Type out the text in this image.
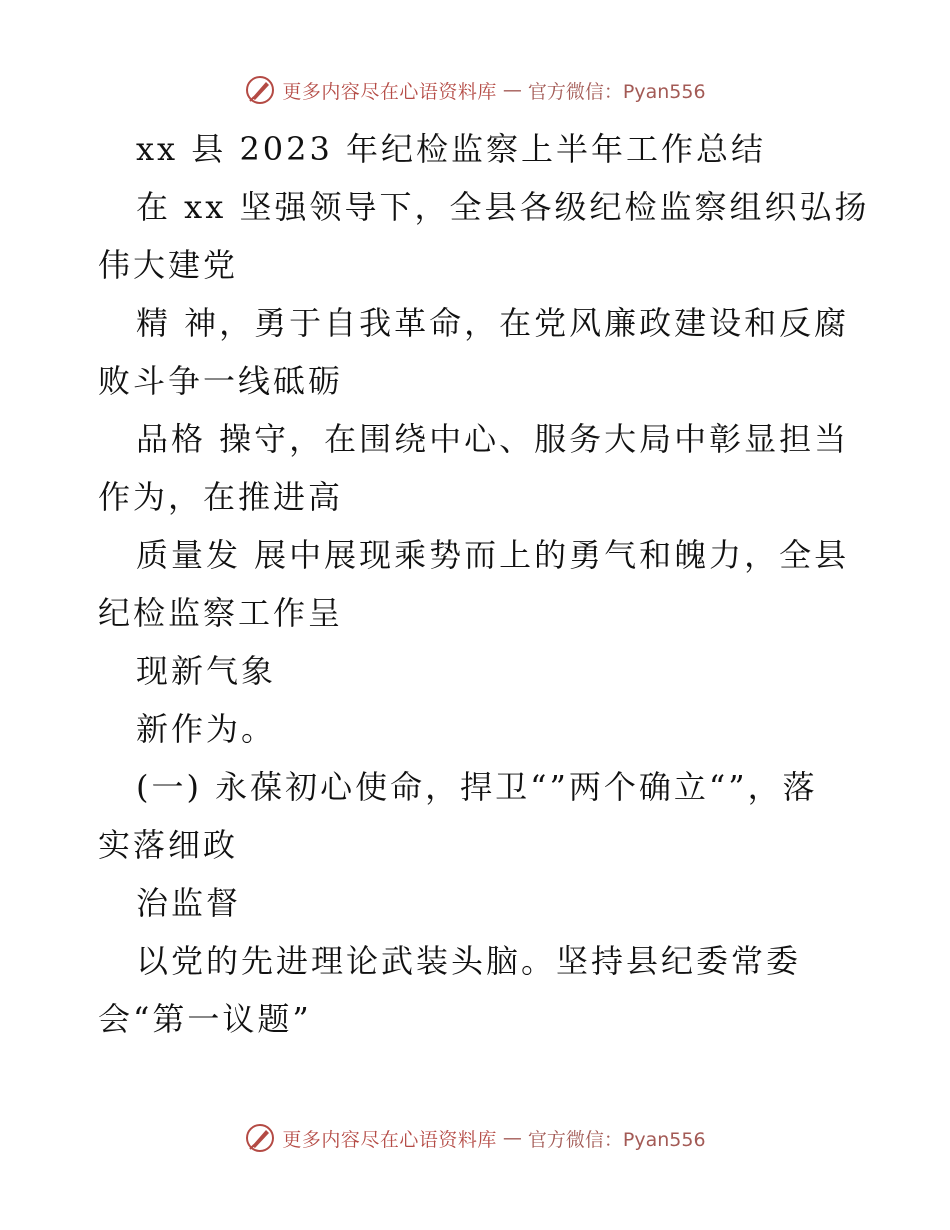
更多内容尽在心语资料库 — 官方微信：Pyan556
xx 县 2023 年纪检监察上半年工作总结
在 xx 坚强领导下，全县各级纪检监察组织弘扬
伟大建党
精 神，勇于自我革命，在党风廉政建设和反腐
败斗争一线砥砺
品格 操守，在围绕中心、服务大局中彰显担当
作为，在推进高
质量发 展中展现乘势而上的勇气和魄力，全县
纪检监察工作呈
现新气象
新作为。
(一) 永葆初心使命，捍卫“”两个确立“”，落
实落细政
治监督
以党的先进理论武装头脑。坚持县纪委常委
会“第一议题”
更多内容尽在心语资料库 — 官方微信：Pyan556
